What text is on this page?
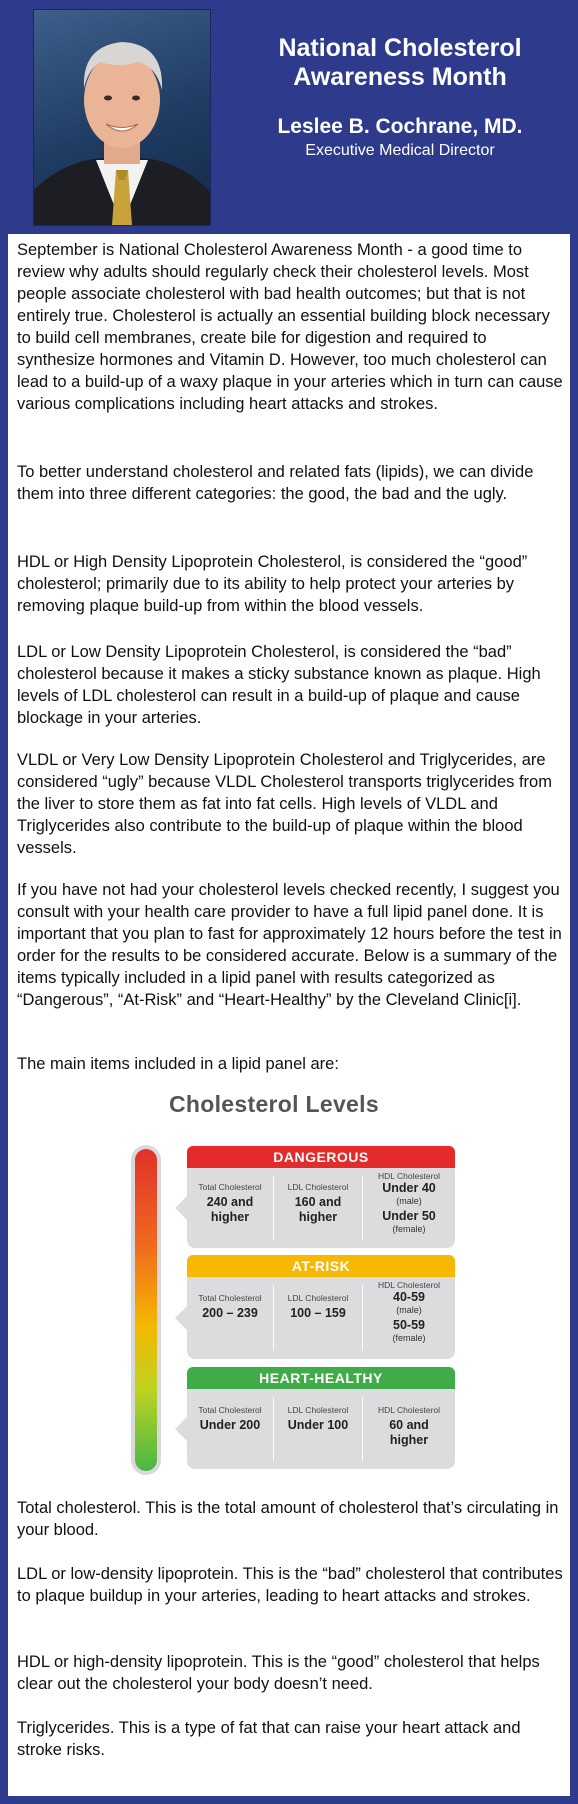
National Cholesterol
Awareness Month
Leslee B. Cochrane, MD.
Executive Medical Director

September is National Cholesterol Awareness Month - a good time to review why adults should regularly check their cholesterol levels. Most people associate cholesterol with bad health outcomes; but that is not entirely true. Cholesterol is actually an essential building block necessary to build cell membranes, create bile for digestion and required to synthesize hormones and Vitamin D. However, too much cholesterol can lead to a build-up of a waxy plaque in your arteries which in turn can cause various complications including heart attacks and strokes.

To better understand cholesterol and related fats (lipids), we can divide them into three different categories: the good, the bad and the ugly.

HDL or High Density Lipoprotein Cholesterol, is considered the “good” cholesterol; primarily due to its ability to help protect your arteries by removing plaque build-up from within the blood vessels.

LDL or Low Density Lipoprotein Cholesterol, is considered the “bad” cholesterol because it makes a sticky substance known as plaque. High levels of LDL cholesterol can result in a build-up of plaque and cause blockage in your arteries.

VLDL or Very Low Density Lipoprotein Cholesterol and Triglycerides, are considered “ugly” because VLDL Cholesterol transports triglycerides from the liver to store them as fat into fat cells. High levels of VLDL and Triglycerides also contribute to the build-up of plaque within the blood vessels.

If you have not had your cholesterol levels checked recently, I suggest you consult with your health care provider to have a full lipid panel done. It is important that you plan to fast for approximately 12 hours before the test in order for the results to be considered accurate. Below is a summary of the items typically included in a lipid panel with results categorized as “Dangerous”, “At-Risk” and “Heart-Healthy” by the Cleveland Clinic[i].

The main items included in a lipid panel are:

Cholesterol Levels
DANGEROUS
Total Cholesterol
240 and higher
LDL Cholesterol
160 and higher
HDL Cholesterol
Under 40
(male)
Under 50
(female)
AT-RISK
Total Cholesterol
200 – 239
LDL Cholesterol
100 – 159
HDL Cholesterol
40-59
(male)
50-59
(female)
HEART-HEALTHY
Total Cholesterol
Under 200
LDL Cholesterol
Under 100
HDL Cholesterol
60 and higher

Total cholesterol. This is the total amount of cholesterol that’s circulating in your blood.

LDL or low-density lipoprotein. This is the “bad” cholesterol that contributes to plaque buildup in your arteries, leading to heart attacks and strokes.

HDL or high-density lipoprotein. This is the “good” cholesterol that helps clear out the cholesterol your body doesn’t need.

Triglycerides. This is a type of fat that can raise your heart attack and stroke risks.
